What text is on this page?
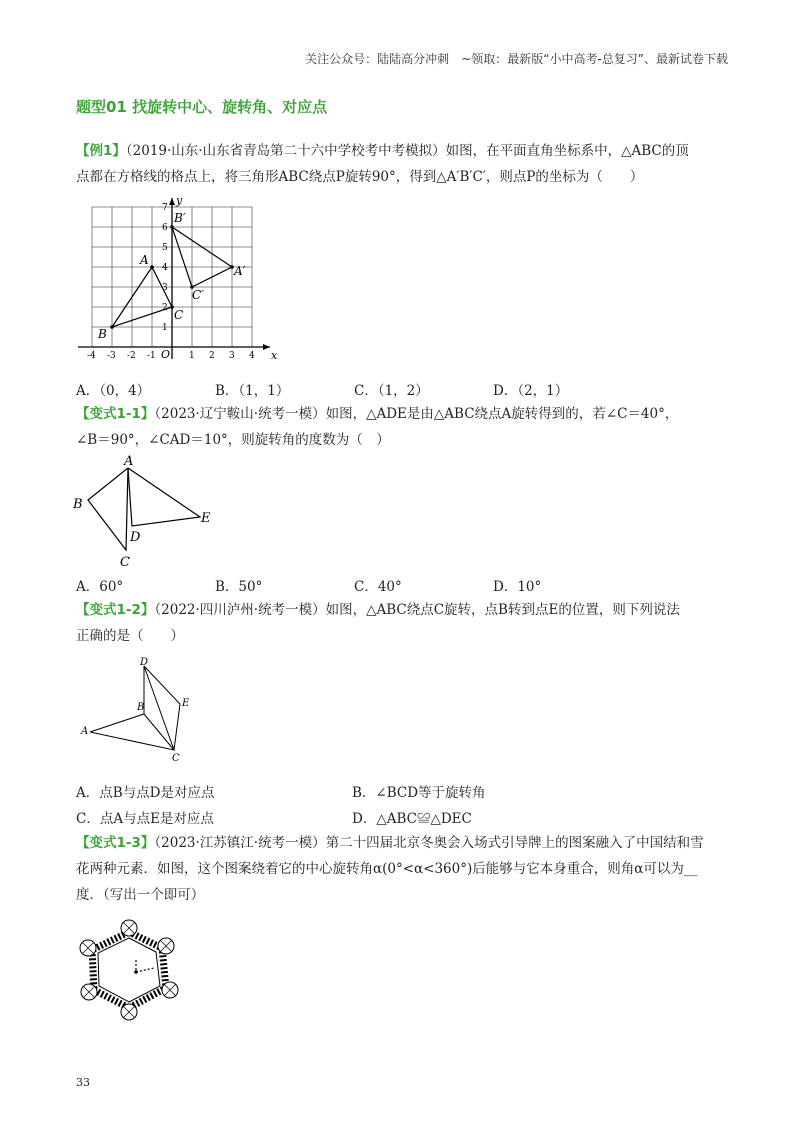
关注公众号：陆陆高分冲刺　~领取：最新版“小中高考-总复习”、最新试卷下载
题型01 找旋转中心、旋转角、对应点
【例1】（2019·山东·山东省青岛第二十六中学校考中考模拟）如图，在平面直角坐标系中，△ABC的顶
点都在方格线的格点上，将三角形ABC绕点P旋转90°，得到△A′B′C′，则点P的坐标为（　　）
x
y
O
-4 -3 -2 -1	1 2 3 4
1
2
3
4
5
6
7
A
B
C
A′
B′
C′
A．（0，4）	B．（1，1）	C．（1，2）	D．（2，1）
【变式1-1】（2023·辽宁鞍山·统考一模）如图，△ADE是由△ABC绕点A旋转得到的，若∠C＝40°，
∠B＝90°，∠CAD＝10°，则旋转角的度数为（　）
A
B
C
D
E
A．60°	B．50°	C．40°	D．10°
【变式1-2】（2022·四川泸州·统考一模）如图，△ABC绕点C旋转，点B转到点E的位置，则下列说法
正确的是（　　）
A
B
C
D
E
A．点B与点D是对应点	B．∠BCD等于旋转角
C．点A与点E是对应点	D．△ABC≌△DEC
【变式1-3】（2023·江苏镇江·统考一模）第二十四届北京冬奥会入场式引导牌上的图案融入了中国结和雪
花两种元素．如图，这个图案绕着它的中心旋转角α(0°<α<360°)后能够与它本身重合，则角α可以为__
度．（写出一个即可）
33
